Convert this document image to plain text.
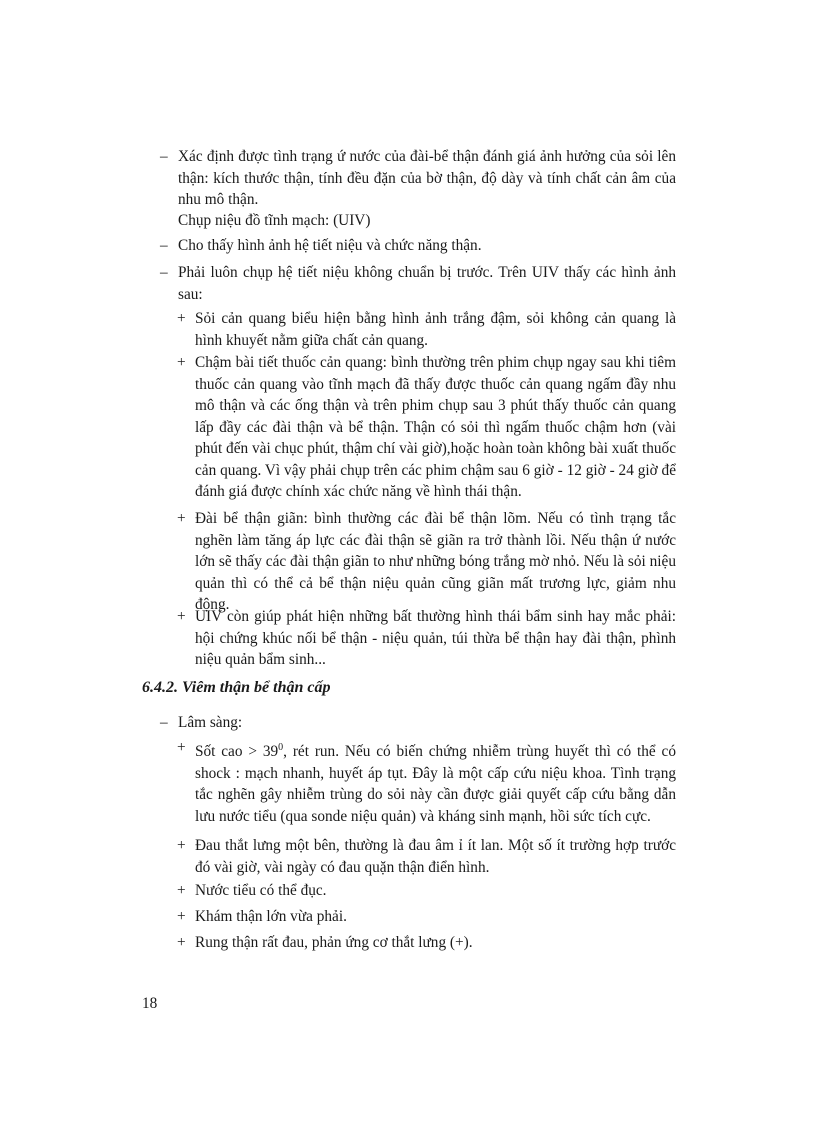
– Xác định được tình trạng ứ nước của đài-bể thận đánh giá ảnh hưởng của sỏi lên thận: kích thước thận, tính đều đặn của bờ thận, độ dày và tính chất cản âm của nhu mô thận.

Chụp niệu đồ tĩnh mạch: (UIV)

– Cho thấy hình ảnh hệ tiết niệu và chức năng thận.

– Phải luôn chụp hệ tiết niệu không chuẩn bị trước. Trên UIV thấy các hình ảnh sau:

+ Sỏi cản quang biểu hiện bằng hình ảnh trắng đậm, sỏi không cản quang là hình khuyết nằm giữa chất cản quang.

+ Chậm bài tiết thuốc cản quang: bình thường trên phim chụp ngay sau khi tiêm thuốc cản quang vào tĩnh mạch đã thấy được thuốc cản quang ngấm đầy nhu mô thận và các ống thận và trên phim chụp sau 3 phút thấy thuốc cản quang lấp đầy các đài thận và bể thận. Thận có sỏi thì ngấm thuốc chậm hơn (vài phút đến vài chục phút, thậm chí vài giờ),hoặc hoàn toàn không bài xuất thuốc cản quang. Vì vậy phải chụp trên các phim chậm sau 6 giờ - 12 giờ - 24 giờ để đánh giá được chính xác chức năng về hình thái thận.

+ Đài bể thận giãn: bình thường các đài bể thận lõm. Nếu có tình trạng tắc nghẽn làm tăng áp lực các đài thận sẽ giãn ra trở thành lồi. Nếu thận ứ nước lớn sẽ thấy các đài thận giãn to như những bóng trắng mờ nhỏ. Nếu là sỏi niệu quản thì có thể cả bể thận niệu quản cũng giãn mất trương lực, giảm nhu động.

+ UIV còn giúp phát hiện những bất thường hình thái bẩm sinh hay mắc phải: hội chứng khúc nối bể thận - niệu quản, túi thừa bể thận hay đài thận, phình niệu quản bẩm sinh...

6.4.2. Viêm thận bể thận cấp
– Lâm sàng:

+ Sốt cao > $39^0$, rét run. Nếu có biến chứng nhiễm trùng huyết thì có thể có shock : mạch nhanh, huyết áp tụt. Đây là một cấp cứu niệu khoa. Tình trạng tắc nghẽn gây nhiễm trùng do sỏi này cần được giải quyết cấp cứu bằng dẫn lưu nước tiểu (qua sonde niệu quản) và kháng sinh mạnh, hồi sức tích cực.

+ Đau thắt lưng một bên, thường là đau âm ỉ ít lan. Một số ít trường hợp trước đó vài giờ, vài ngày có đau quặn thận điển hình.

+ Nước tiểu có thể đục.

+ Khám thận lớn vừa phải.

+ Rung thận rất đau, phản ứng cơ thắt lưng (+).

18
